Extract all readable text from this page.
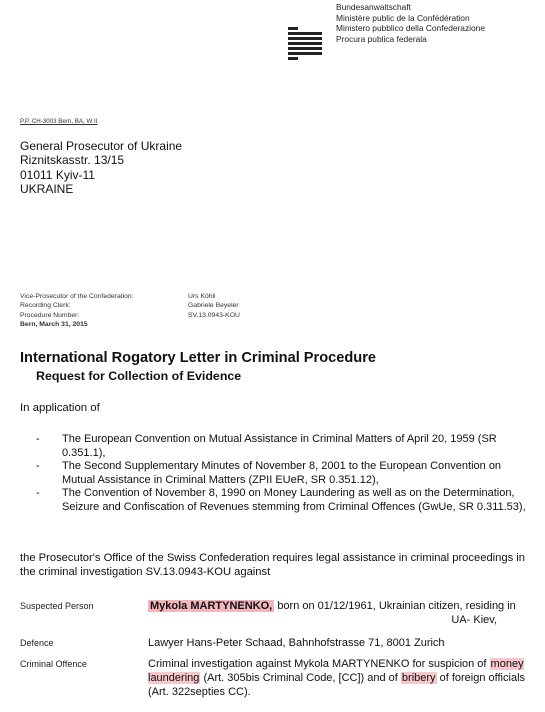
Bundesanwaltschaft
Ministère public de la Confédération
Ministero pubblico della Confederazione
Procura publica federala
P.P. CH-3003 Bern, BA, W II
General Prosecutor of Ukraine
Riznitskasstr. 13/15
01011 Kyiv-11
UKRAINE
Vice-Prosecutor of the Confederation:	Urs Köhli
Recording Clerk:	Gabriele Beyeler
Procedure Number:	SV.13.0943-KOU
Bern, March 31, 2015
International Rogatory Letter in Criminal Procedure
Request for Collection of Evidence
In application of
-	The European Convention on Mutual Assistance in Criminal Matters of April 20, 1959 (SR 0.351.1),
-	The Second Supplementary Minutes of November 8, 2001 to the European Convention on Mutual Assistance in Criminal Matters (ZPII EUeR, SR 0.351.12),
-	The Convention of November 8, 1990 on Money Laundering as well as on the Determination, Seizure and Confiscation of Revenues stemming from Criminal Offences (GwUe, SR 0.311.53),
the Prosecutor's Office of the Swiss Confederation requires legal assistance in criminal proceedings in the criminal investigation SV.13.0943-KOU against
Suspected Person	Mykola MARTYNENKO, born on 01/12/1961, Ukrainian citizen, residing in
UA- Kiev,
Defence	Lawyer Hans-Peter Schaad, Bahnhofstrasse 71, 8001 Zurich
Criminal Offence	Criminal investigation against Mykola MARTYNENKO for suspicion of money laundering (Art. 305bis Criminal Code, [CC]) and of bribery of foreign officials (Art. 322septies CC).
